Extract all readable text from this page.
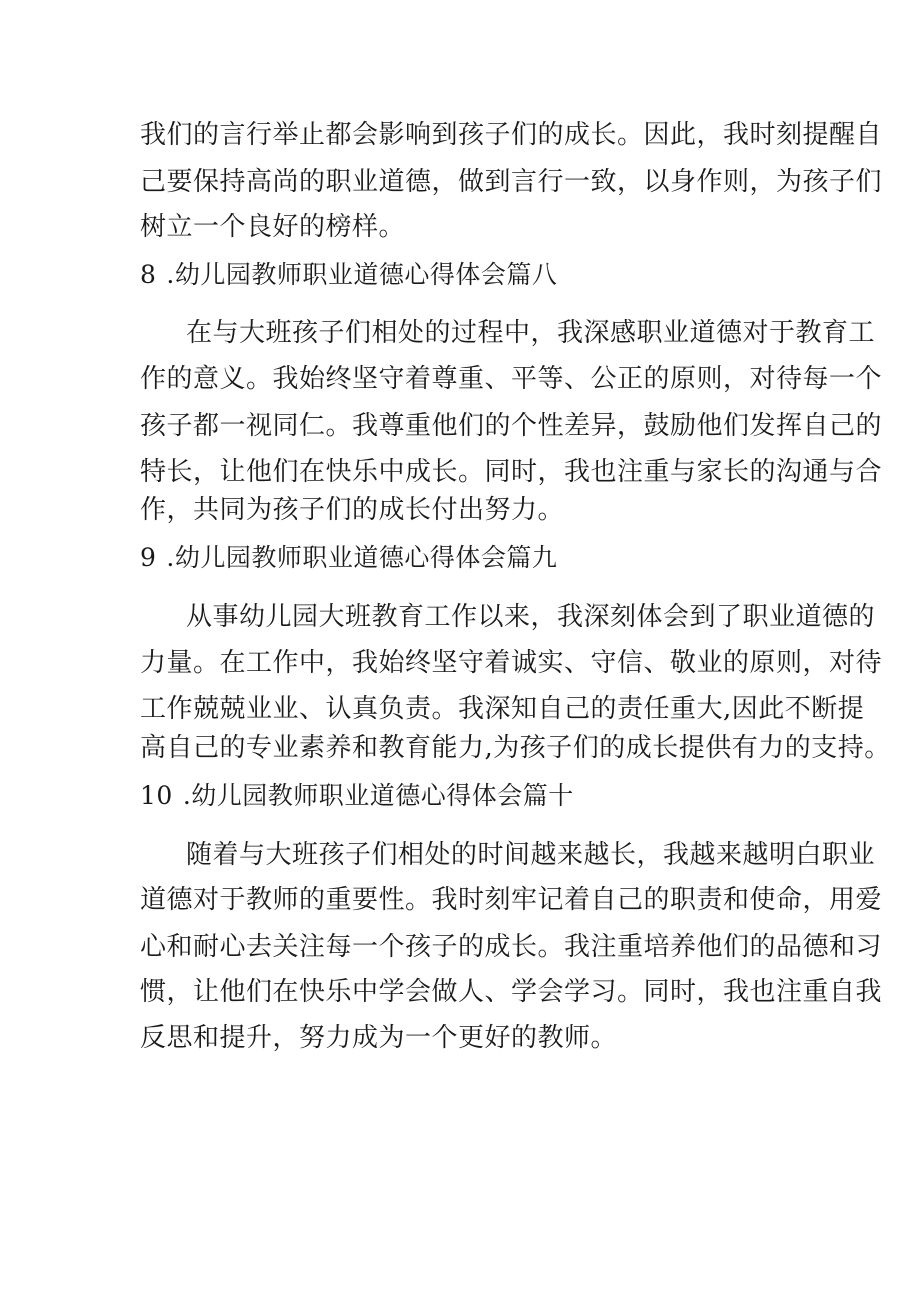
我们的言行举止都会影响到孩子们的成长。因此，我时刻提醒自
己要保持高尚的职业道德，做到言行一致，以身作则，为孩子们
树立一个良好的榜样。
8 .幼儿园教师职业道德心得体会篇八
在与大班孩子们相处的过程中，我深感职业道德对于教育工
作的意义。我始终坚守着尊重、平等、公正的原则，对待每一个
孩子都一视同仁。我尊重他们的个性差异，鼓励他们发挥自己的
特长，让他们在快乐中成长。同时，我也注重与家长的沟通与合
作，共同为孩子们的成长付出努力。
9 .幼儿园教师职业道德心得体会篇九
从事幼儿园大班教育工作以来，我深刻体会到了职业道德的
力量。在工作中，我始终坚守着诚实、守信、敬业的原则，对待
工作兢兢业业、认真负责。我深知自己的责任重大,因此不断提
高自己的专业素养和教育能力,为孩子们的成长提供有力的支持。
10 .幼儿园教师职业道德心得体会篇十
随着与大班孩子们相处的时间越来越长，我越来越明白职业
道德对于教师的重要性。我时刻牢记着自己的职责和使命，用爱
心和耐心去关注每一个孩子的成长。我注重培养他们的品德和习
惯，让他们在快乐中学会做人、学会学习。同时，我也注重自我
反思和提升，努力成为一个更好的教师。
